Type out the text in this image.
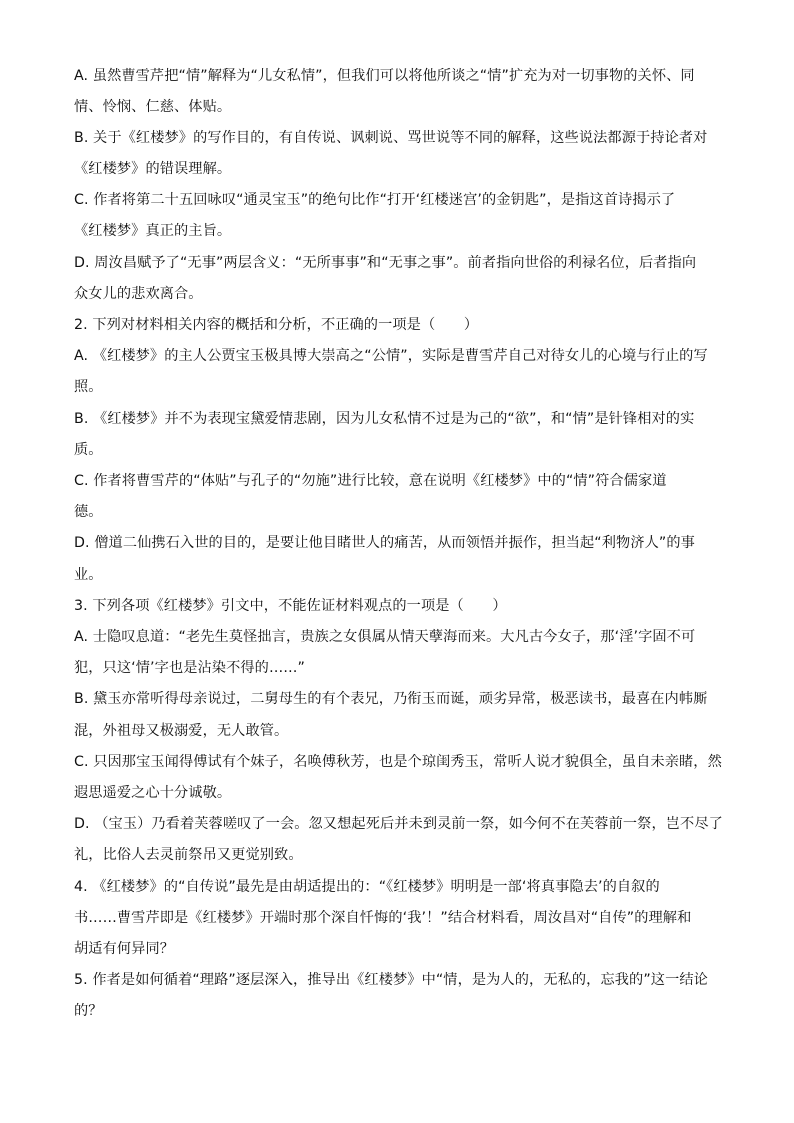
A. 虽然曹雪芹把“情”解释为“儿女私情”，但我们可以将他所谈之“情”扩充为对一切事物的关怀、同
情、怜悯、仁慈、体贴。
B. 关于《红楼梦》的写作目的，有自传说、讽刺说、骂世说等不同的解释，这些说法都源于持论者对
《红楼梦》的错误理解。
C. 作者将第二十五回咏叹“通灵宝玉”的绝句比作“打开‘红楼迷宫’的金钥匙”，是指这首诗揭示了
《红楼梦》真正的主旨。
D. 周汝昌赋予了“无事”两层含义：“无所事事”和“无事之事”。前者指向世俗的利禄名位，后者指向
众女儿的悲欢离合。
2. 下列对材料相关内容的概括和分析，不正确的一项是（　　）
A. 《红楼梦》的主人公贾宝玉极具博大崇高之“公情”，实际是曹雪芹自己对待女儿的心境与行止的写
照。
B. 《红楼梦》并不为表现宝黛爱情悲剧，因为儿女私情不过是为己的“欲”，和“情”是针锋相对的实
质。
C. 作者将曹雪芹的“体贴”与孔子的“勿施”进行比较，意在说明《红楼梦》中的“情”符合儒家道
德。
D. 僧道二仙携石入世的目的，是要让他目睹世人的痛苦，从而领悟并振作，担当起“利物济人”的事
业。
3. 下列各项《红楼梦》引文中，不能佐证材料观点的一项是（　　）
A. 士隐叹息道：“老先生莫怪拙言，贵族之女俱属从情天孽海而来。大凡古今女子，那‘淫’字固不可
犯，只这‘情’字也是沾染不得的……”
B. 黛玉亦常听得母亲说过，二舅母生的有个表兄，乃衔玉而诞，顽劣异常，极恶读书，最喜在内帏厮
混，外祖母又极溺爱，无人敢管。
C. 只因那宝玉闻得傅试有个妹子，名唤傅秋芳，也是个琼闺秀玉，常听人说才貌俱全，虽自未亲睹，然
遐思遥爱之心十分诚敬。
D. （宝玉）乃看着芙蓉嗟叹了一会。忽又想起死后并未到灵前一祭，如今何不在芙蓉前一祭，岂不尽了
礼，比俗人去灵前祭吊又更觉别致。
4. 《红楼梦》的“自传说”最先是由胡适提出的：“《红楼梦》明明是一部‘将真事隐去’的自叙的
书……曹雪芹即是《红楼梦》开端时那个深自忏悔的‘我’！”结合材料看，周汝昌对“自传”的理解和
胡适有何异同？
5. 作者是如何循着“理路”逐层深入，推导出《红楼梦》中“情，是为人的，无私的，忘我的”这一结论
的？
